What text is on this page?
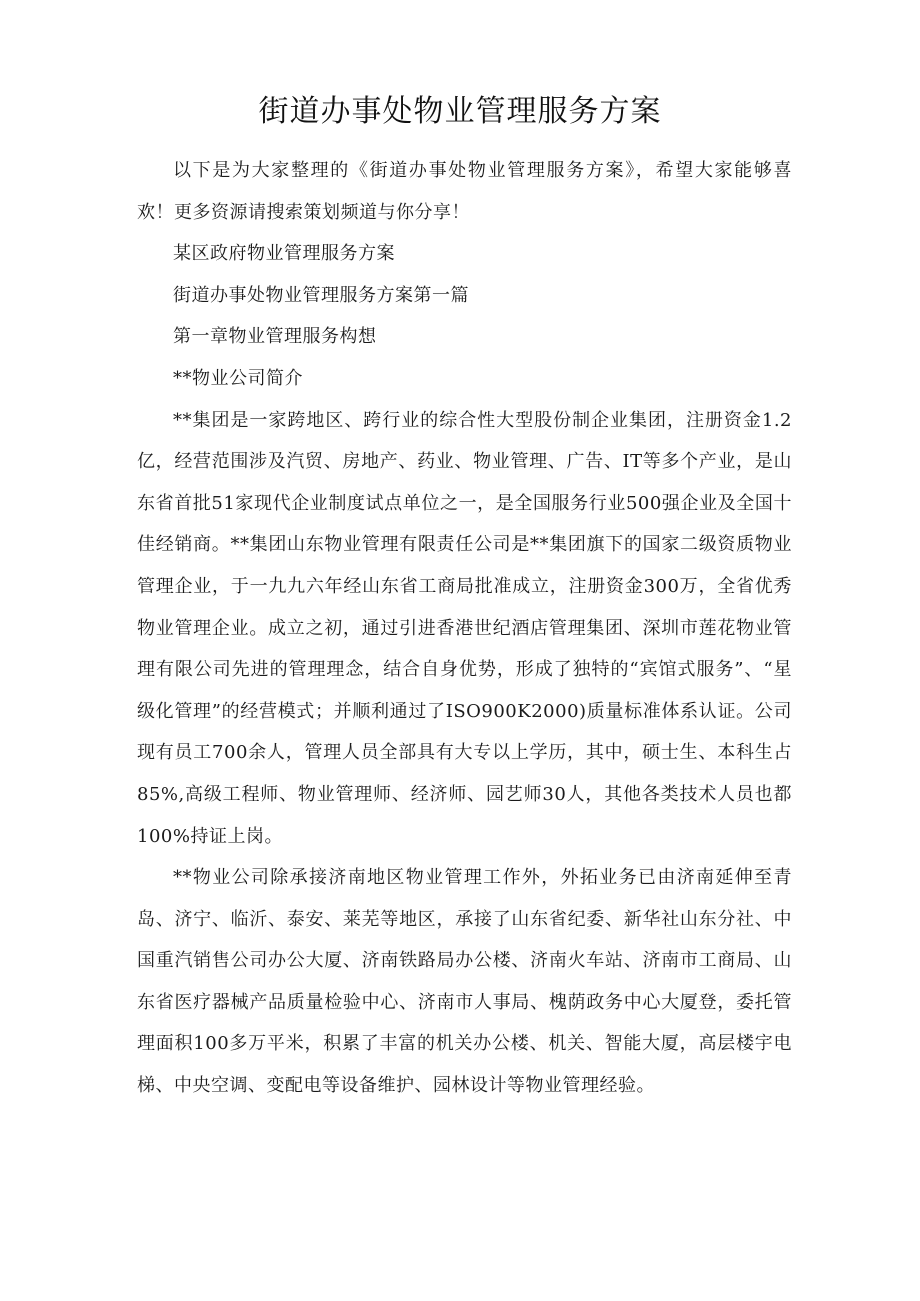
街道办事处物业管理服务方案

以下是为大家整理的《街道办事处物业管理服务方案》，希望大家能够喜欢！更多资源请搜索策划频道与你分享！

某区政府物业管理服务方案

街道办事处物业管理服务方案第一篇

第一章物业管理服务构想

**物业公司简介

**集团是一家跨地区、跨行业的综合性大型股份制企业集团，注册资金1.2亿，经营范围涉及汽贸、房地产、药业、物业管理、广告、IT等多个产业，是山东省首批51家现代企业制度试点单位之一，是全国服务行业500强企业及全国十佳经销商。**集团山东物业管理有限责任公司是**集团旗下的国家二级资质物业管理企业，于一九九六年经山东省工商局批准成立，注册资金300万，全省优秀物业管理企业。成立之初，通过引进香港世纪酒店管理集团、深圳市莲花物业管理有限公司先进的管理理念，结合自身优势，形成了独特的“宾馆式服务”、“星级化管理”的经营模式；并顺利通过了ISO900K2000)质量标准体系认证。公司现有员工700余人，管理人员全部具有大专以上学历，其中，硕士生、本科生占85%,高级工程师、物业管理师、经济师、园艺师30人，其他各类技术人员也都100%持证上岗。

**物业公司除承接济南地区物业管理工作外，外拓业务已由济南延伸至青岛、济宁、临沂、泰安、莱芜等地区，承接了山东省纪委、新华社山东分社、中国重汽销售公司办公大厦、济南铁路局办公楼、济南火车站、济南市工商局、山东省医疗器械产品质量检验中心、济南市人事局、槐荫政务中心大厦登，委托管理面积100多万平米，积累了丰富的机关办公楼、机关、智能大厦，高层楼宇电梯、中央空调、变配电等设备维护、园林设计等物业管理经验。
